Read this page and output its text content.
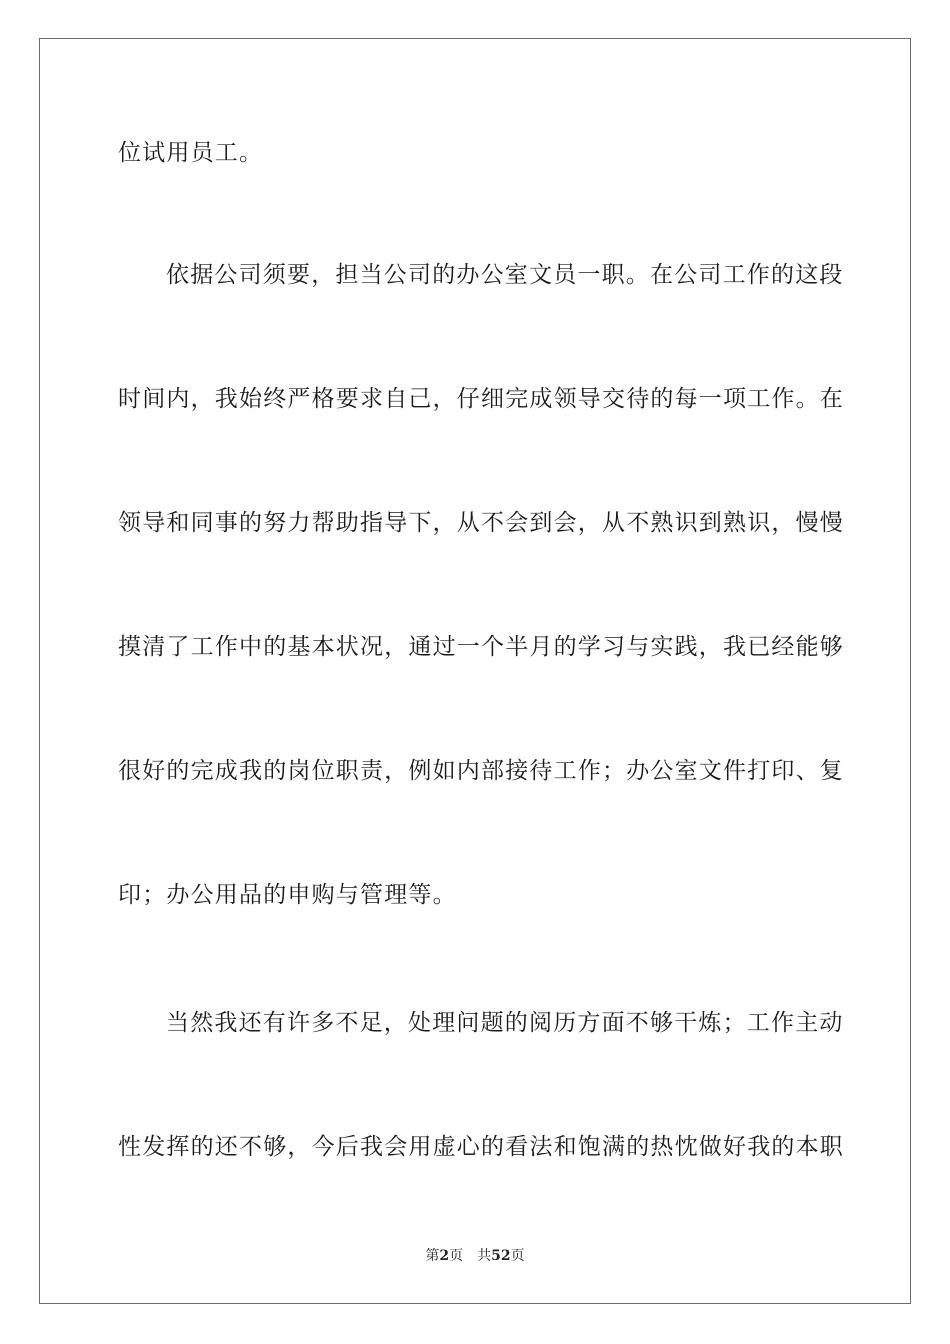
位试用员工。
依据公司须要，担当公司的办公室文员一职。在公司工作的这段
时间内，我始终严格要求自己，仔细完成领导交待的每一项工作。在
领导和同事的努力帮助指导下，从不会到会，从不熟识到熟识，慢慢
摸清了工作中的基本状况，通过一个半月的学习与实践，我已经能够
很好的完成我的岗位职责，例如内部接待工作；办公室文件打印、复
印；办公用品的申购与管理等。
当然我还有许多不足，处理问题的阅历方面不够干炼；工作主动
性发挥的还不够，今后我会用虚心的看法和饱满的热忱做好我的本职
第2页 共52页
